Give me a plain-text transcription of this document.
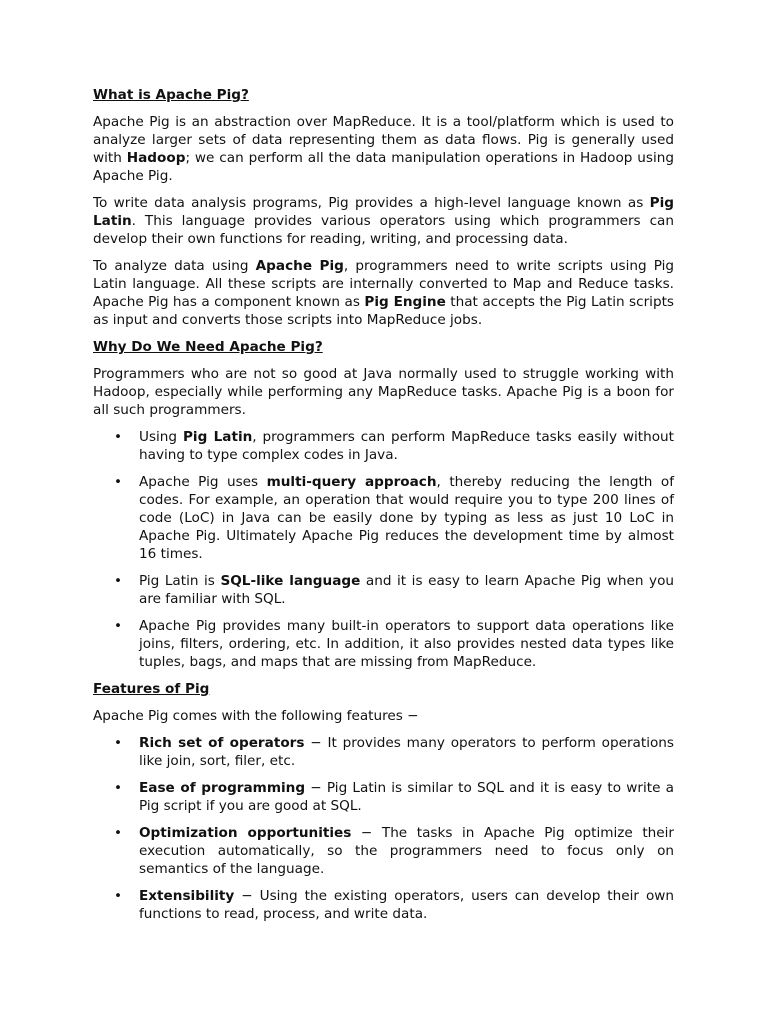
What is Apache Pig?

Apache Pig is an abstraction over MapReduce. It is a tool/platform which is used to analyze larger sets of data representing them as data flows. Pig is generally used with Hadoop; we can perform all the data manipulation operations in Hadoop using Apache Pig.

To write data analysis programs, Pig provides a high-level language known as Pig Latin. This language provides various operators using which programmers can develop their own functions for reading, writing, and processing data.

To analyze data using Apache Pig, programmers need to write scripts using Pig Latin language. All these scripts are internally converted to Map and Reduce tasks. Apache Pig has a component known as Pig Engine that accepts the Pig Latin scripts as input and converts those scripts into MapReduce jobs.

Why Do We Need Apache Pig?

Programmers who are not so good at Java normally used to struggle working with Hadoop, especially while performing any MapReduce tasks. Apache Pig is a boon for all such programmers.

• Using Pig Latin, programmers can perform MapReduce tasks easily without having to type complex codes in Java.
• Apache Pig uses multi-query approach, thereby reducing the length of codes. For example, an operation that would require you to type 200 lines of code (LoC) in Java can be easily done by typing as less as just 10 LoC in Apache Pig. Ultimately Apache Pig reduces the development time by almost 16 times.
• Pig Latin is SQL-like language and it is easy to learn Apache Pig when you are familiar with SQL.
• Apache Pig provides many built-in operators to support data operations like joins, filters, ordering, etc. In addition, it also provides nested data types like tuples, bags, and maps that are missing from MapReduce.
Features of Pig

Apache Pig comes with the following features −

• Rich set of operators − It provides many operators to perform operations like join, sort, filer, etc.
• Ease of programming − Pig Latin is similar to SQL and it is easy to write a Pig script if you are good at SQL.
• Optimization opportunities − The tasks in Apache Pig optimize their execution automatically, so the programmers need to focus only on semantics of the language.
• Extensibility − Using the existing operators, users can develop their own functions to read, process, and write data.
